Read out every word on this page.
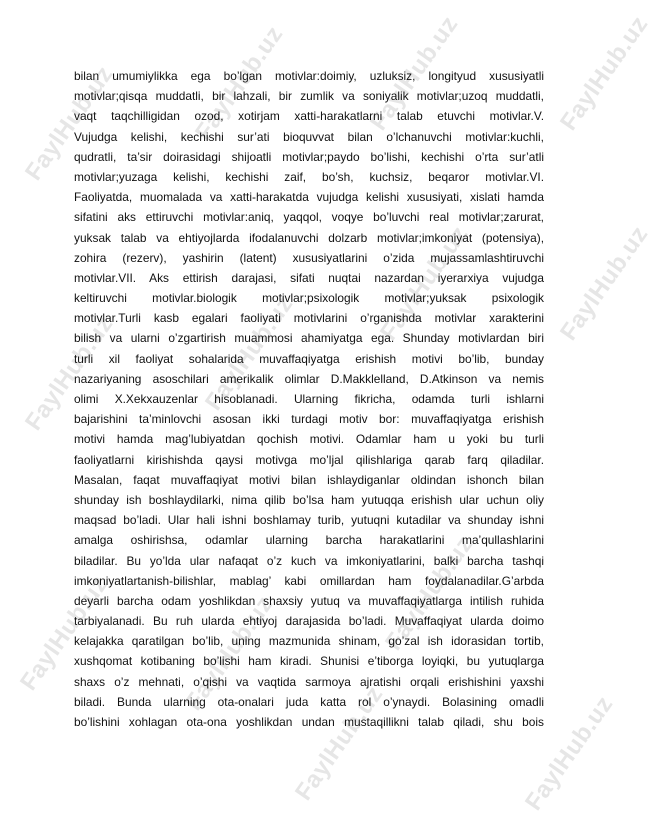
FaylHub.uz	FaylHub.uz	FaylHub.uz	FaylHub.uz
FaylHub.uz	FaylHub.uz
FaylHub.uz	FaylHub.uz
FaylHub.uz	FaylHub.uz
FaylHub.uz
FaylHub.uz
FaylHub.uz
bilan umumiylikka ega bo’lgan motivlar:doimiy, uzluksiz, longityud xususiyatli
motivlar;qisqa muddatli, bir lahzali, bir zumlik va soniyalik motivlar;uzoq muddatli,
vaqt taqchilligidan ozod, xotirjam xatti-harakatlarni talab etuvchi motivlar.V.
Vujudga kelishi, kechishi sur’ati bioquvvat bilan o’lchanuvchi motivlar:kuchli,
qudratli, ta’sir doirasidagi shijoatli motivlar;paydo bo’lishi, kechishi o’rta sur’atli
motivlar;yuzaga kelishi, kechishi zaif, bo’sh, kuchsiz, beqaror motivlar.VI.
Faoliyatda, muomalada va xatti-harakatda vujudga kelishi xususiyati, xislati hamda
sifatini aks ettiruvchi motivlar:aniq, yaqqol, voqye bo’luvchi real motivlar;zarurat,
yuksak talab va ehtiyojlarda ifodalanuvchi dolzarb motivlar;imkoniyat (potensiya),
zohira (rezerv), yashirin (latent) xususiyatlarini o’zida mujassamlashtiruvchi
motivlar.VII. Aks ettirish darajasi, sifati nuqtai nazardan iyerarxiya vujudga
keltiruvchi motivlar.biologik motivlar;psixologik motivlar;yuksak psixologik
motivlar.Turli kasb egalari faoliyati motivlarini o’rganishda motivlar xarakterini
bilish va ularni o’zgartirish muammosi ahamiyatga ega. Shunday motivlardan biri
turli xil faoliyat sohalarida muvaffaqiyatga erishish motivi bo’lib, bunday
nazariyaning asoschilari amerikalik olimlar D.Makklelland, D.Atkinson va nemis
olimi X.Xekxauzenlar hisoblanadi. Ularning fikricha, odamda turli ishlarni
bajarishini ta’minlovchi asosan ikki turdagi motiv bor: muvaffaqiyatga erishish
motivi hamda mag’lubiyatdan qochish motivi. Odamlar ham u yoki bu turli
faoliyatlarni kirishishda qaysi motivga mo’ljal qilishlariga qarab farq qiladilar.
Masalan, faqat muvaffaqiyat motivi bilan ishlaydiganlar oldindan ishonch bilan
shunday ish boshlaydilarki, nima qilib bo’lsa ham yutuqqa erishish ular uchun oliy
maqsad bo’ladi. Ular hali ishni boshlamay turib, yutuqni kutadilar va shunday ishni
amalga oshirishsa, odamlar ularning barcha harakatlarini ma’qullashlarini
biladilar. Bu yo’lda ular nafaqat o’z kuch va imkoniyatlarini, balki barcha tashqi
imkoniyatlartanish-bilishlar, mablag’ kabi omillardan ham foydalanadilar.G’arbda
deyarli barcha odam yoshlikdan shaxsiy yutuq va muvaffaqiyatlarga intilish ruhida
tarbiyalanadi. Bu ruh ularda ehtiyoj darajasida bo’ladi. Muvaffaqiyat ularda doimo
kelajakka qaratilgan bo’lib, uning mazmunida shinam, go’zal ish idorasidan tortib,
xushqomat kotibaning bo’lishi ham kiradi. Shunisi e’tiborga loyiqki, bu yutuqlarga
shaxs o’z mehnati, o’qishi va vaqtida sarmoya ajratishi orqali erishishini yaxshi
biladi. Bunda ularning ota-onalari juda katta rol o’ynaydi. Bolasining omadli
bo’lishini xohlagan ota-ona yoshlikdan undan mustaqillikni talab qiladi, shu bois
